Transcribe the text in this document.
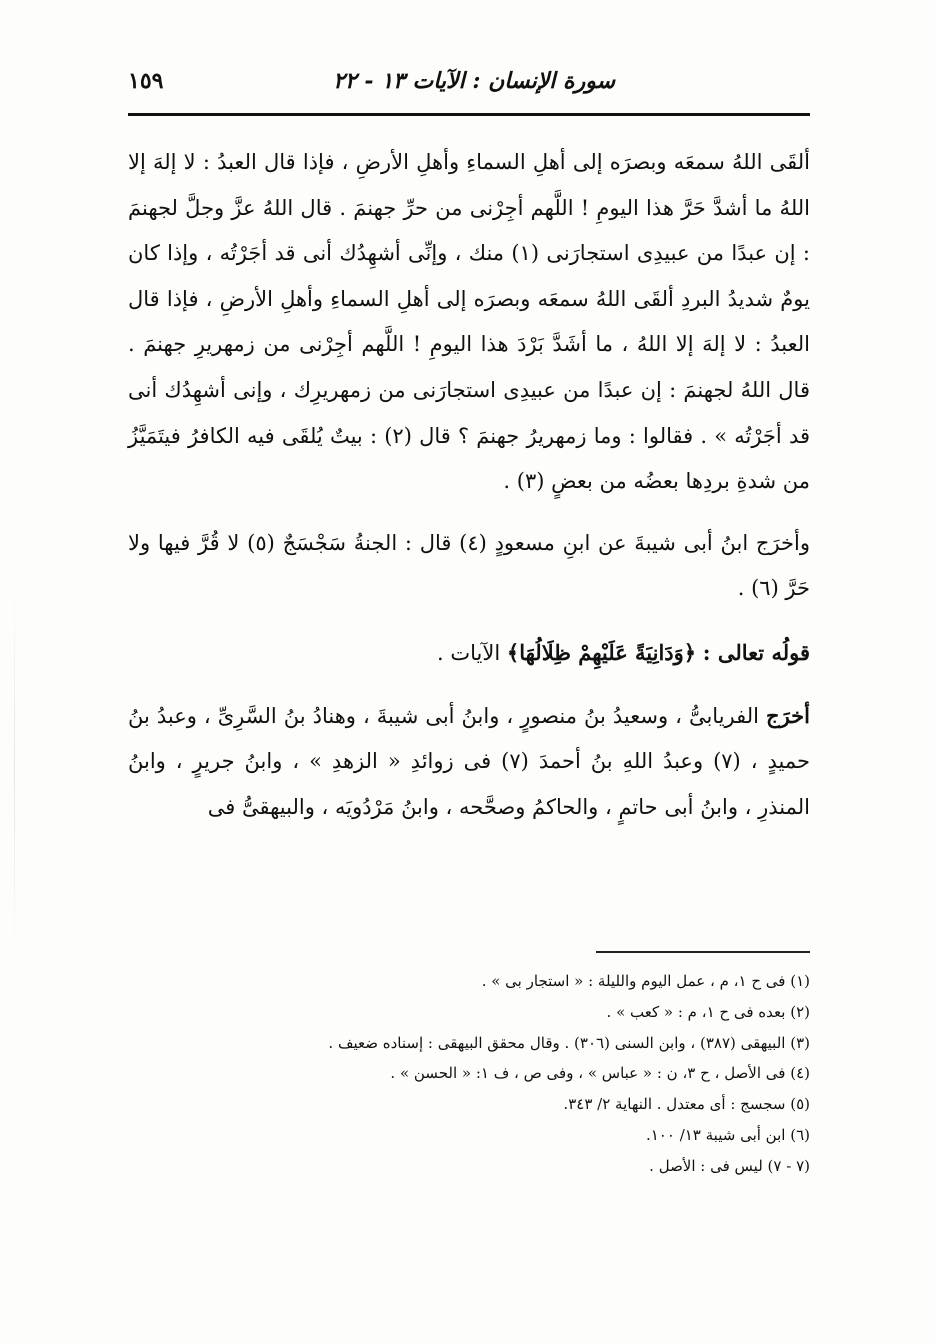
سورة الإنسان : الآيات ١٣ - ٢٢
١٥٩

ألقَى اللهُ سمعَه وبصرَه إلى أهلِ السماءِ وأهلِ الأرضِ ، فإذا قال العبدُ : لا إلهَ إلا اللهُ ما أشدَّ حَرَّ هذا اليومِ ! اللَّهم أجِرْنى من حرِّ جهنمَ . قال اللهُ عزَّ وجلَّ لجهنمَ : إن عبدًا من عبيدِى استجارَنى (١) منك ، وإنِّى أشهِدُك أنى قد أجَرْتُه ، وإذا كان يومٌ شديدُ البردِ ألقَى اللهُ سمعَه وبصرَه إلى أهلِ السماءِ وأهلِ الأرضِ ، فإذا قال العبدُ : لا إلهَ إلا اللهُ ، ما أشَدَّ بَرْدَ هذا اليومِ ! اللَّهم أجِرْنى من زمهريرِ جهنمَ . قال اللهُ لجهنمَ : إن عبدًا من عبيدِى استجارَنى من زمهريرِك ، وإنى أشهِدُك أنى قد أجَرْتُه » . فقالوا : وما زمهريرُ جهنمَ ؟ قال (٢) : بيتٌ يُلقَى فيه الكافرُ فيتَمَيَّزُ من شدةِ بردِها بعضُه من بعضٍ (٣) .

وأخرَج ابنُ أبى شيبةَ عن ابنِ مسعودٍ (٤) قال : الجنةُ سَجْسَجٌ (٥) لا قُرَّ فيها ولا حَرَّ (٦) .

قولُه تعالى : ﴿وَدَانِيَةً عَلَيْهِمْ ظِلَالُهَا﴾ الآيات .

أخرَج الفريابىُّ ، وسعيدُ بنُ منصورٍ ، وابنُ أبى شيبةَ ، وهنادُ بنُ السَّرِىِّ ، وعبدُ بنُ حميدٍ ، (٧) وعبدُ اللهِ بنُ أحمدَ (٧) فى زوائدِ « الزهدِ » ، وابنُ جريرٍ ، وابنُ المنذرِ ، وابنُ أبى حاتمٍ ، والحاكمُ وصحَّحه ، وابنُ مَرْدُويَه ، والبيهقىُّ فى

(١) فى ح ١، م ، عمل اليوم والليلة : « استجار بى » .
(٢) بعده فى ح ١، م : « كعب » .
(٣) البيهقى (٣٨٧) ، وابن السنى (٣٠٦) . وقال محقق البيهقى : إسناده ضعيف .
(٤) فى الأصل ، ح ٣، ن : « عباس » ، وفى ص ، ف ١: « الحسن » .
(٥) سجسج : أى معتدل . النهاية ٢/ ٣٤٣.
(٦) ابن أبى شيبة ١٣/ ١٠٠.
(٧ - ٧) ليس فى : الأصل .
